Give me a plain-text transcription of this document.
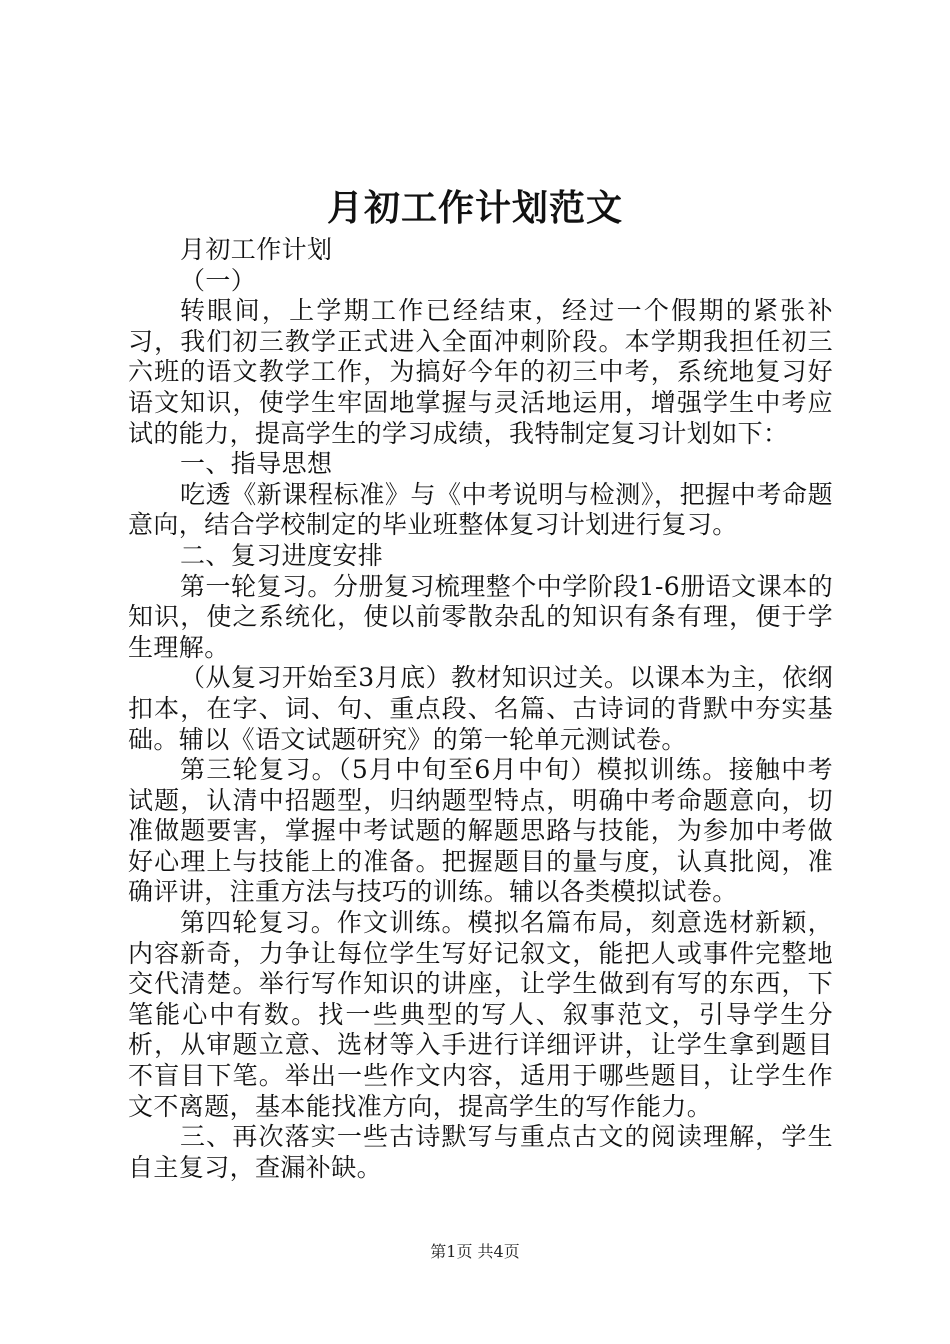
月初工作计划范文

月初工作计划

（一）

转眼间，上学期工作已经结束，经过一个假期的紧张补习，我们初三教学正式进入全面冲刺阶段。本学期我担任初三六班的语文教学工作，为搞好今年的初三中考，系统地复习好语文知识，使学生牢固地掌握与灵活地运用，增强学生中考应试的能力，提高学生的学习成绩，我特制定复习计划如下：

一、指导思想

吃透《新课程标准》与《中考说明与检测》，把握中考命题意向，结合学校制定的毕业班整体复习计划进行复习。

二、复习进度安排

第一轮复习。分册复习梳理整个中学阶段1-6册语文课本的知识，使之系统化，使以前零散杂乱的知识有条有理，便于学生理解。

（从复习开始至3月底）教材知识过关。以课本为主，依纲扣本，在字、词、句、重点段、名篇、古诗词的背默中夯实基础。辅以《语文试题研究》的第一轮单元测试卷。

第三轮复习。（5月中旬至6月中旬）模拟训练。接触中考试题，认清中招题型，归纳题型特点，明确中考命题意向，切准做题要害，掌握中考试题的解题思路与技能，为参加中考做好心理上与技能上的准备。把握题目的量与度，认真批阅，准确评讲，注重方法与技巧的训练。辅以各类模拟试卷。

第四轮复习。作文训练。模拟名篇布局，刻意选材新颖，内容新奇，力争让每位学生写好记叙文，能把人或事件完整地交代清楚。举行写作知识的讲座，让学生做到有写的东西，下笔能心中有数。找一些典型的写人、叙事范文，引导学生分析，从审题立意、选材等入手进行详细评讲，让学生拿到题目不盲目下笔。举出一些作文内容，适用于哪些题目，让学生作文不离题，基本能找准方向，提高学生的写作能力。

三、再次落实一些古诗默写与重点古文的阅读理解，学生自主复习，查漏补缺。

第1页 共4页
